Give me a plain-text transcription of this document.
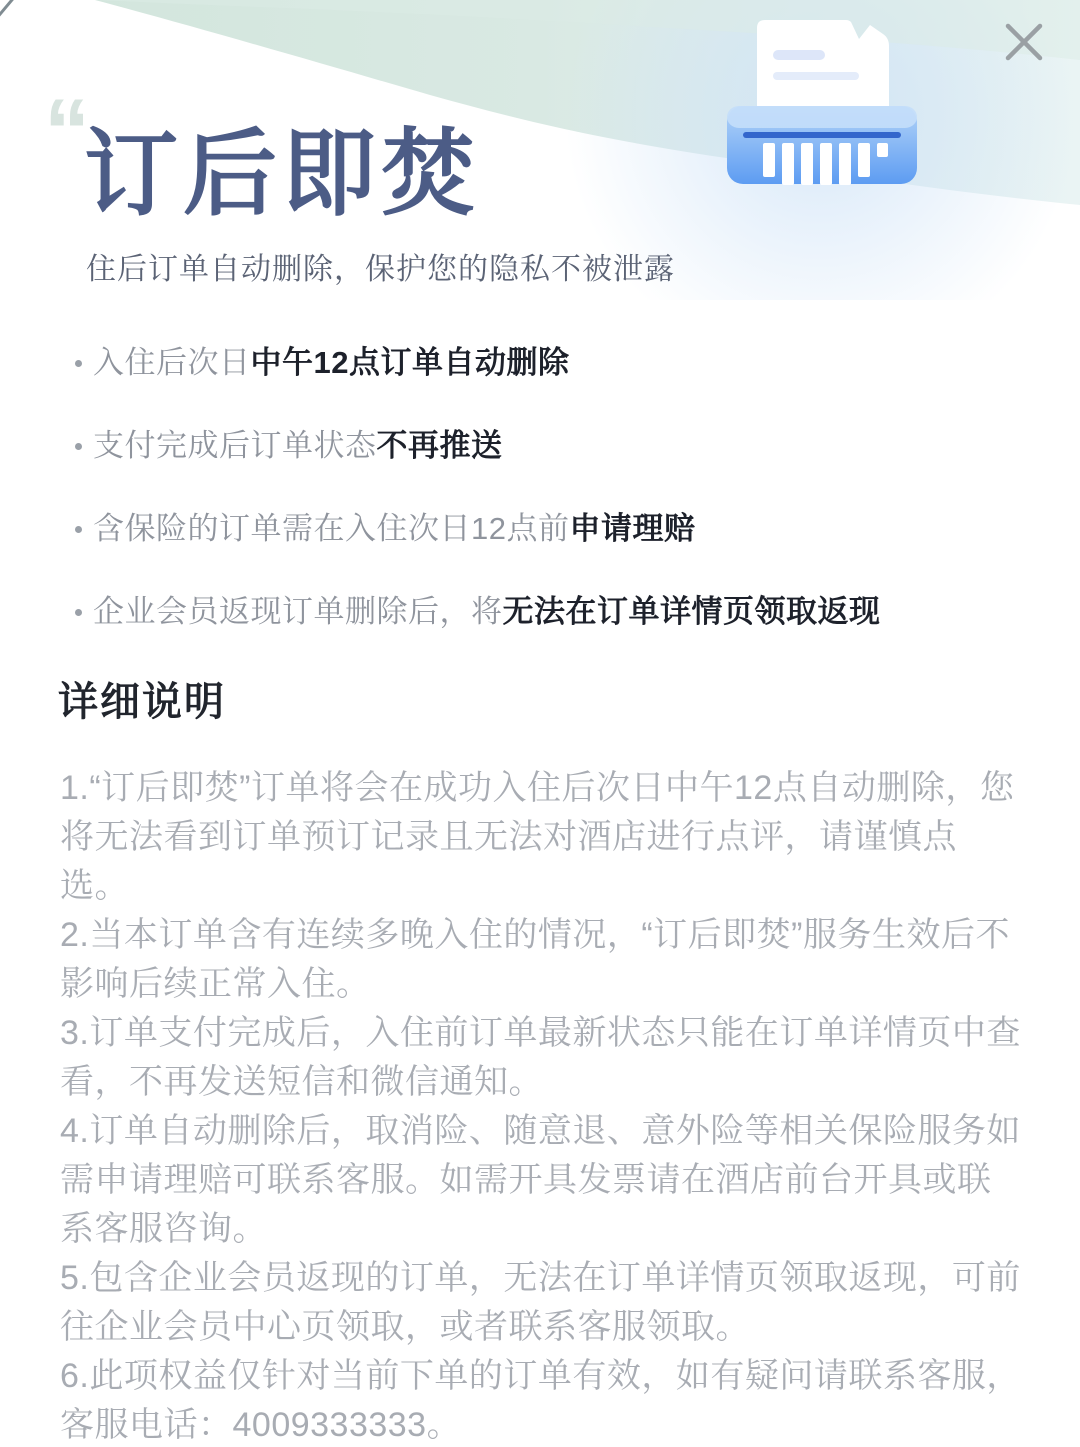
“
订后即焚

住后订单自动删除，保护您的隐私不被泄露

入住后次日中午12点订单自动删除
支付完成后订单状态不再推送
含保险的订单需在入住次日12点前申请理赔
企业会员返现订单删除后，将无法在订单详情页领取返现
详细说明

1.“订后即焚”订单将会在成功入住后次日中午12点自动删除，您将无法看到订单预订记录且无法对酒店进行点评，请谨慎点选。

2.当本订单含有连续多晚入住的情况，“订后即焚”服务生效后不影响后续正常入住。

3.订单支付完成后，入住前订单最新状态只能在订单详情页中查看，不再发送短信和微信通知。

4.订单自动删除后，取消险、随意退、意外险等相关保险服务如需申请理赔可联系客服。如需开具发票请在酒店前台开具或联系客服咨询。

5.包含企业会员返现的订单，无法在订单详情页领取返现，可前往企业会员中心页领取，或者联系客服领取。

6.此项权益仅针对当前下单的订单有效，如有疑问请联系客服，客服电话：4009333333。
